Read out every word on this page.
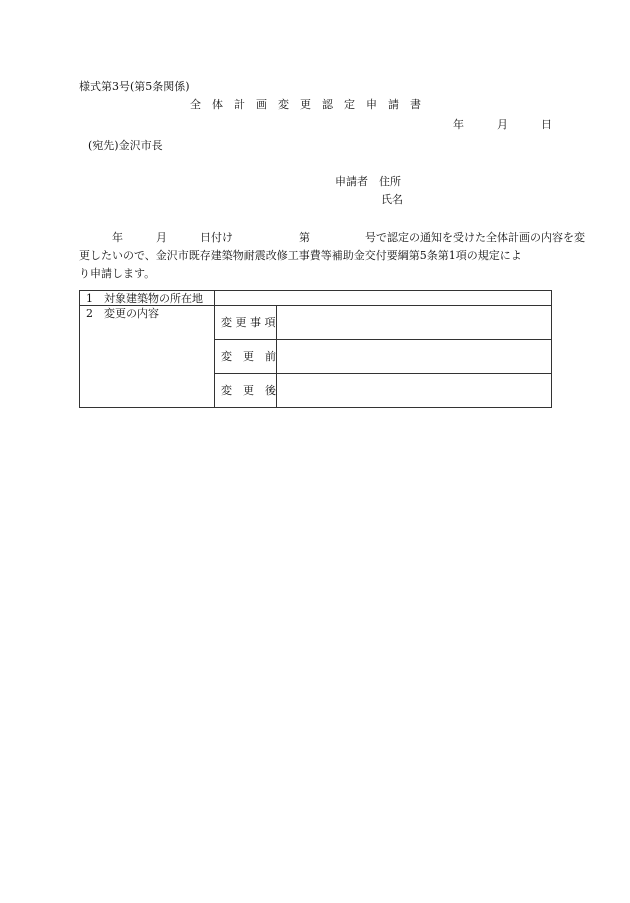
様式第3号(第5条関係)
全　体　計　画　変　更　認　定　申　請　書
年　　　月　　　日
(宛先)金沢市長
申請者　住所
氏名
　　　年　　　月　　　日付け　　　　　　第　　　　　号で認定の通知を受けた全体計画の内容を変
更したいので、金沢市既存建築物耐震改修工事費等補助金交付要綱第5条第1項の規定によ
り申請します。
1　対象建築物の所在地		
2　変更の内容	変 更 事 項	
	変　更　前	
	変　更　後	
